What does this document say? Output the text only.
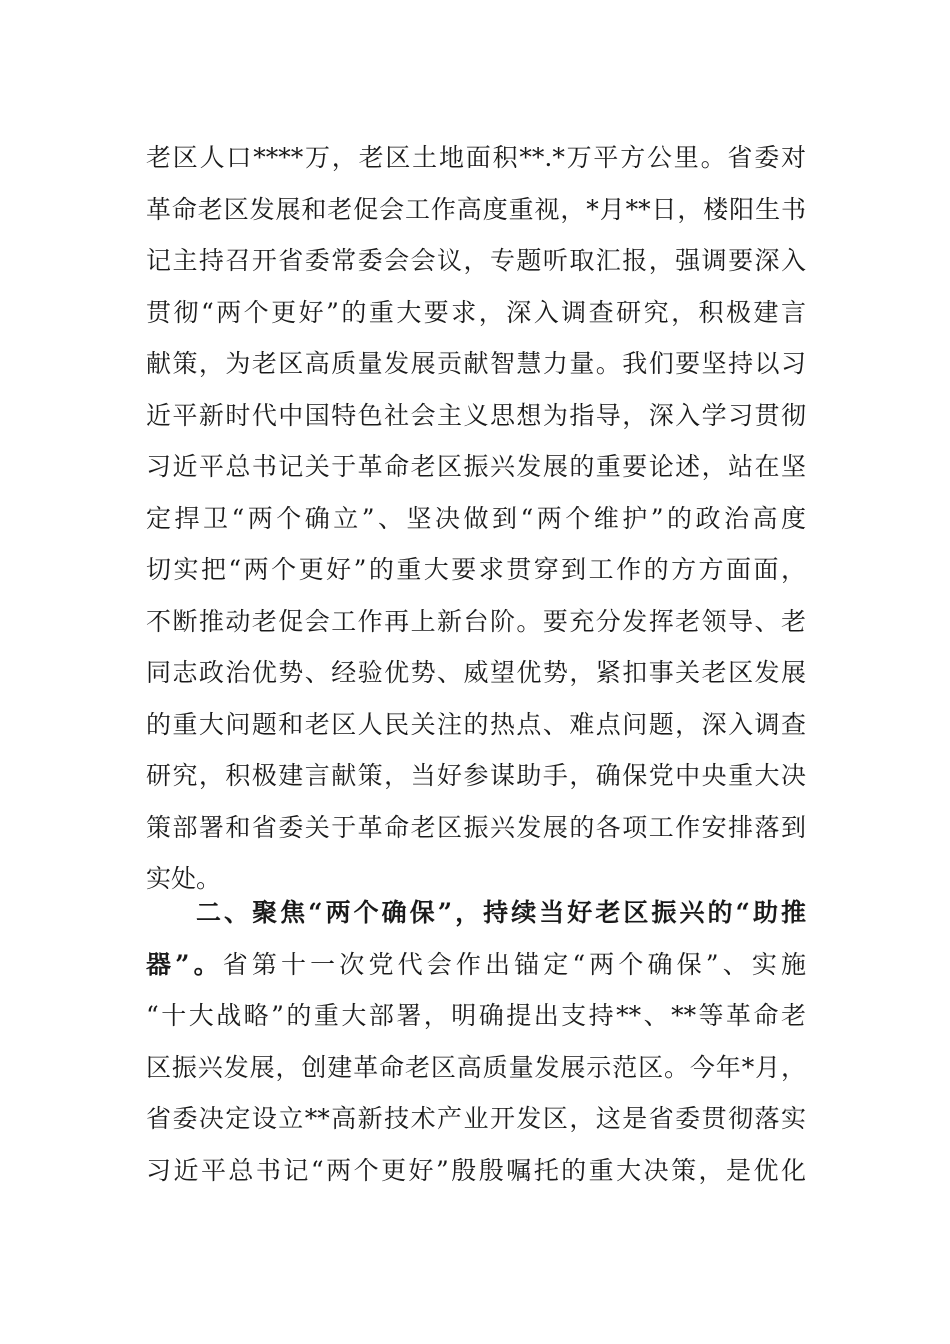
老区人口****万，老区土地面积**.*万平方公里。省委对
革命老区发展和老促会工作高度重视，*月**日，楼阳生书
记主持召开省委常委会会议，专题听取汇报，强调要深入
贯彻“两个更好”的重大要求，深入调查研究，积极建言
献策，为老区高质量发展贡献智慧力量。我们要坚持以习
近平新时代中国特色社会主义思想为指导，深入学习贯彻
习近平总书记关于革命老区振兴发展的重要论述，站在坚
定捍卫“两个确立”、坚决做到“两个维护”的政治高度
切实把“两个更好”的重大要求贯穿到工作的方方面面，
不断推动老促会工作再上新台阶。要充分发挥老领导、老
同志政治优势、经验优势、威望优势，紧扣事关老区发展
的重大问题和老区人民关注的热点、难点问题，深入调查
研究，积极建言献策，当好参谋助手，确保党中央重大决
策部署和省委关于革命老区振兴发展的各项工作安排落到
实处。
二、聚焦“两个确保”，持续当好老区振兴的“助推
器”。省第十一次党代会作出锚定“两个确保”、实施
“十大战略”的重大部署，明确提出支持**、**等革命老
区振兴发展，创建革命老区高质量发展示范区。今年*月，
省委决定设立**高新技术产业开发区，这是省委贯彻落实
习近平总书记“两个更好”殷殷嘱托的重大决策，是优化
